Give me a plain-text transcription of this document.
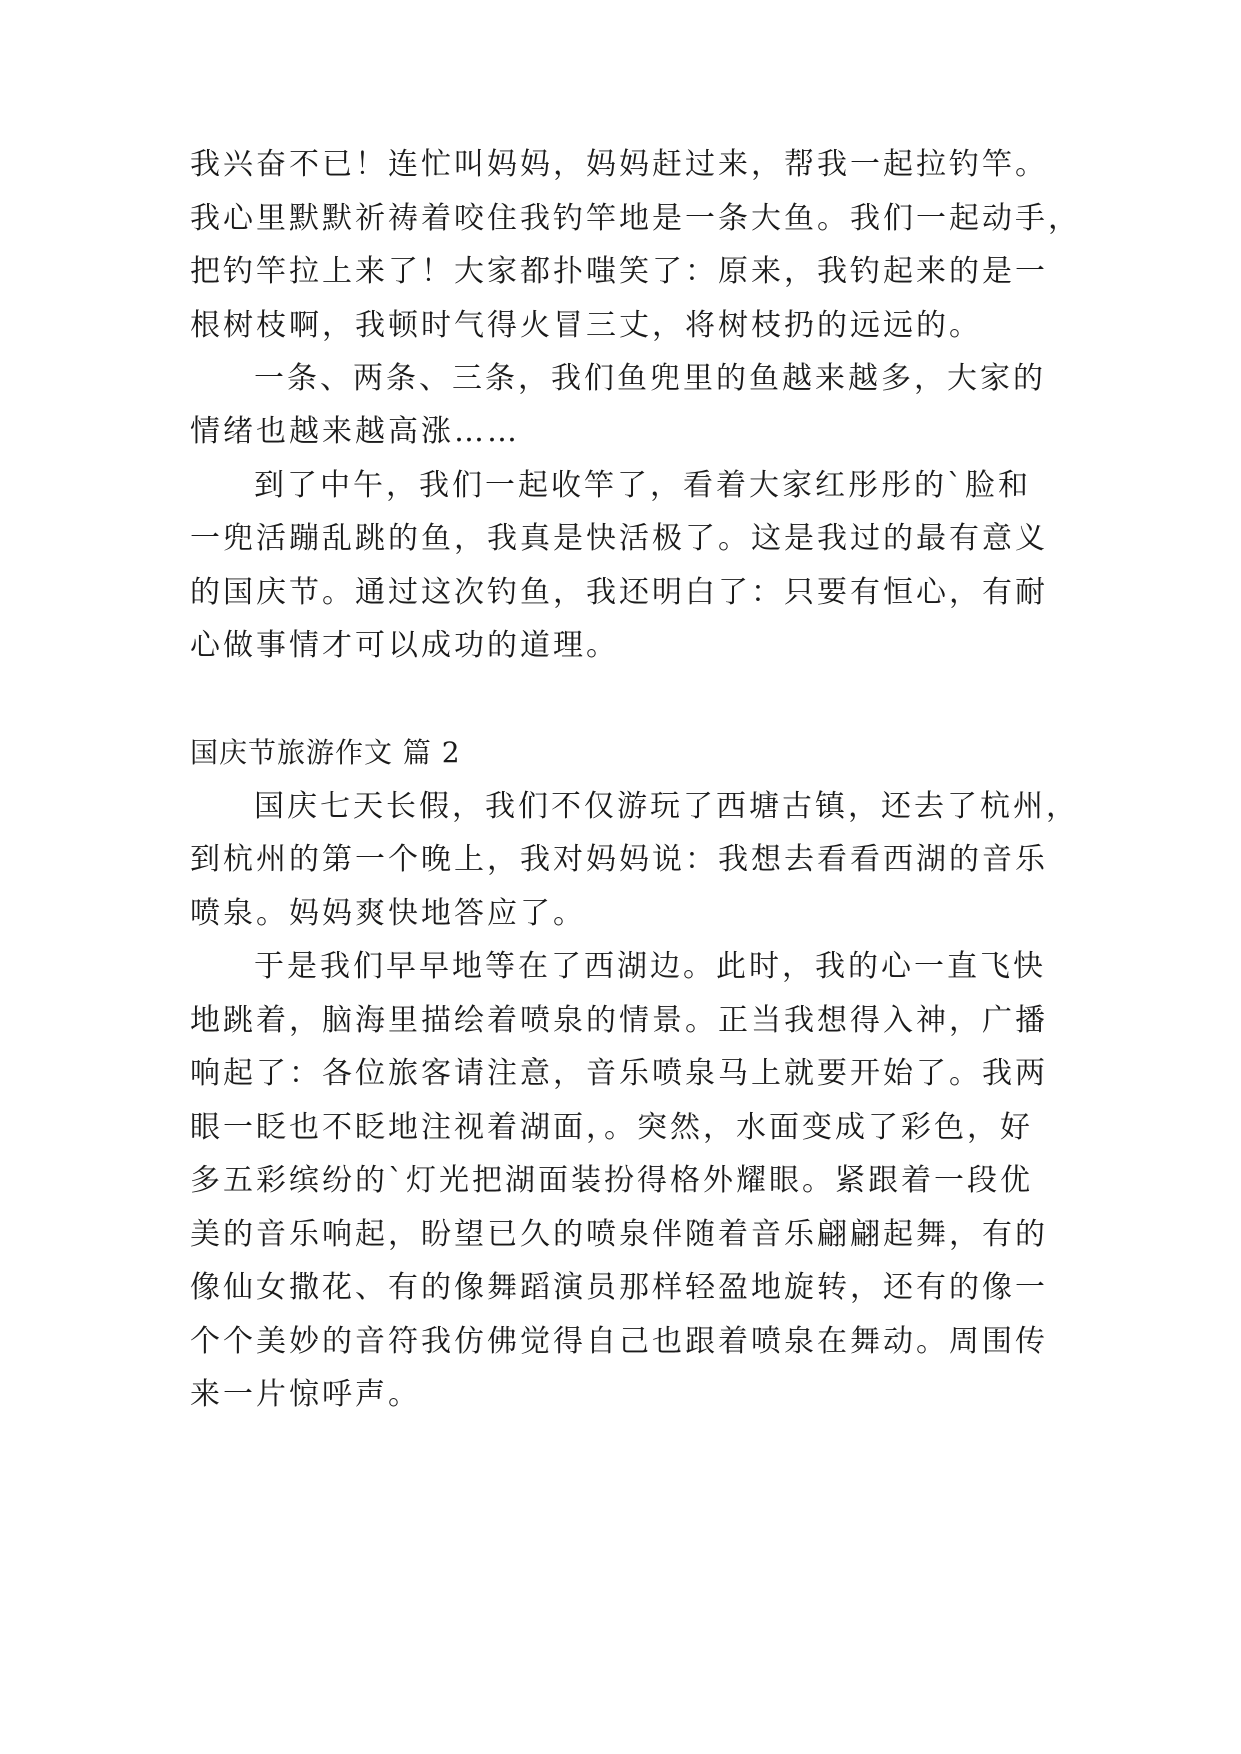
我兴奋不已！连忙叫妈妈，妈妈赶过来，帮我一起拉钓竿。
我心里默默祈祷着咬住我钓竿地是一条大鱼。我们一起动手，
把钓竿拉上来了！大家都扑嗤笑了：原来，我钓起来的是一
根树枝啊，我顿时气得火冒三丈，将树枝扔的远远的。
一条、两条、三条，我们鱼兜里的鱼越来越多，大家的
情绪也越来越高涨……
到了中午，我们一起收竿了，看着大家红彤彤的`脸和
一兜活蹦乱跳的鱼，我真是快活极了。这是我过的最有意义
的国庆节。通过这次钓鱼，我还明白了：只要有恒心，有耐
心做事情才可以成功的道理。
国庆节旅游作文 篇 2
国庆七天长假，我们不仅游玩了西塘古镇，还去了杭州，
到杭州的第一个晚上，我对妈妈说：我想去看看西湖的音乐
喷泉。妈妈爽快地答应了。
于是我们早早地等在了西湖边。此时，我的心一直飞快
地跳着，脑海里描绘着喷泉的情景。正当我想得入神，广播
响起了：各位旅客请注意，音乐喷泉马上就要开始了。我两
眼一眨也不眨地注视着湖面，。突然，水面变成了彩色，好
多五彩缤纷的`灯光把湖面装扮得格外耀眼。紧跟着一段优
美的音乐响起，盼望已久的喷泉伴随着音乐翩翩起舞，有的
像仙女撒花、有的像舞蹈演员那样轻盈地旋转，还有的像一
个个美妙的音符我仿佛觉得自己也跟着喷泉在舞动。周围传
来一片惊呼声。
